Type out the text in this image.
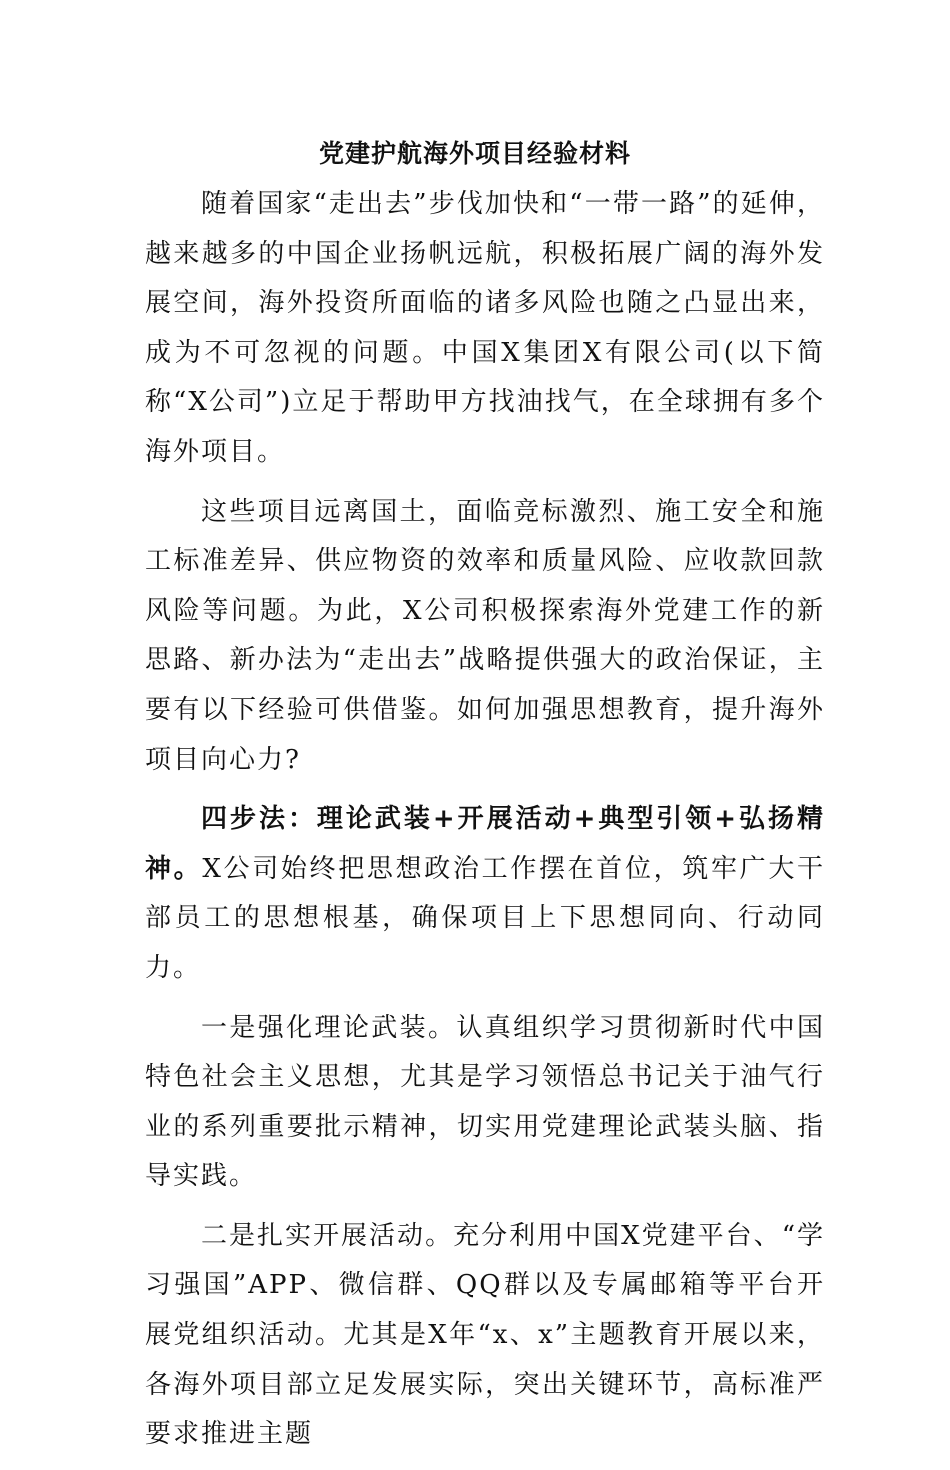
党建护航海外项目经验材料

随着国家“走出去”步伐加快和“一带一路”的延伸，越来越多的中国企业扬帆远航，积极拓展广阔的海外发展空间，海外投资所面临的诸多风险也随之凸显出来，成为不可忽视的问题。中国X集团X有限公司(以下简称“X公司”)立足于帮助甲方找油找气，在全球拥有多个海外项目。

这些项目远离国土，面临竞标激烈、施工安全和施工标准差异、供应物资的效率和质量风险、应收款回款风险等问题。为此，X公司积极探索海外党建工作的新思路、新办法为“走出去”战略提供强大的政治保证，主要有以下经验可供借鉴。如何加强思想教育，提升海外项目向心力?

四步法：理论武装+开展活动+典型引领+弘扬精神。X公司始终把思想政治工作摆在首位，筑牢广大干部员工的思想根基，确保项目上下思想同向、行动同力。

一是强化理论武装。认真组织学习贯彻新时代中国特色社会主义思想，尤其是学习领悟总书记关于油气行业的系列重要批示精神，切实用党建理论武装头脑、指导实践。

二是扎实开展活动。充分利用中国X党建平台、“学习强国”APP、微信群、QQ群以及专属邮箱等平台开展党组织活动。尤其是X年“x、x”主题教育开展以来，各海外项目部立足发展实际，突出关键环节，高标准严要求推进主题
